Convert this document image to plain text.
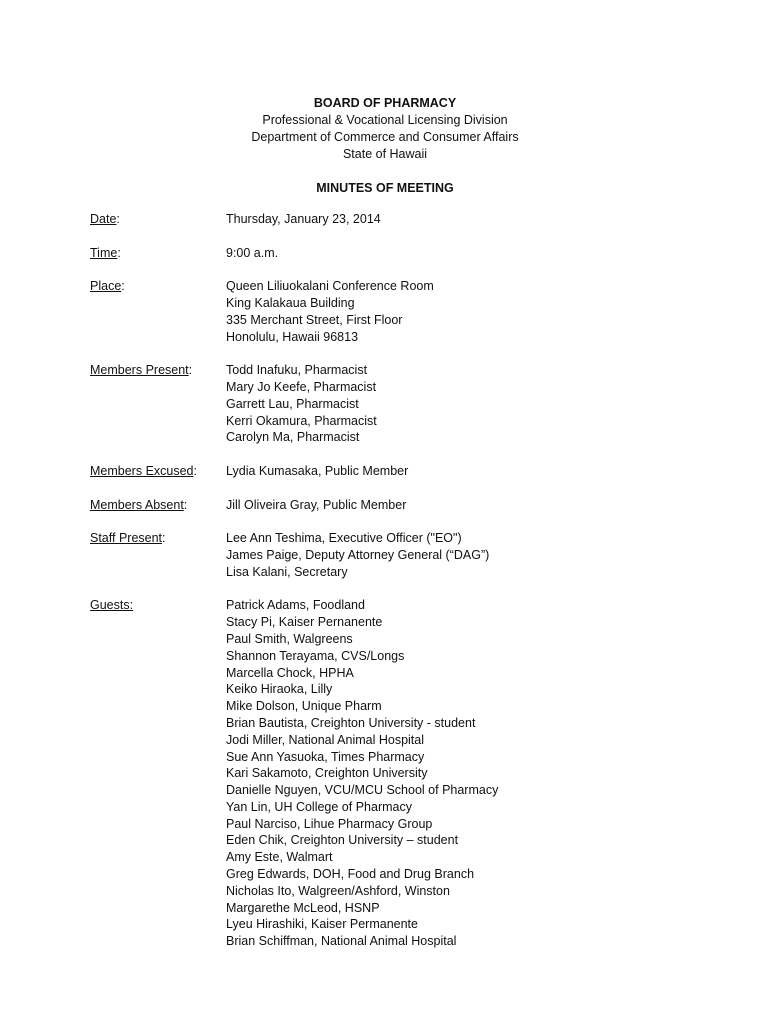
BOARD OF PHARMACY
Professional & Vocational Licensing Division
Department of Commerce and Consumer Affairs
State of Hawaii
MINUTES OF MEETING
Date:	Thursday, January 23, 2014
Time:	9:00 a.m.
Place:	Queen Liliuokalani Conference Room
King Kalakaua Building
335 Merchant Street, First Floor
Honolulu, Hawaii 96813
Members Present:	Todd Inafuku, Pharmacist
Mary Jo Keefe, Pharmacist
Garrett Lau, Pharmacist
Kerri Okamura, Pharmacist
Carolyn Ma, Pharmacist
Members Excused:	Lydia Kumasaka, Public Member
Members Absent:	Jill Oliveira Gray, Public Member
Staff Present:	Lee Ann Teshima, Executive Officer ("EO")
James Paige, Deputy Attorney General (“DAG”)
Lisa Kalani, Secretary
Guests:	Patrick Adams, Foodland
Stacy Pi, Kaiser Pernanente
Paul Smith, Walgreens
Shannon Terayama, CVS/Longs
Marcella Chock, HPHA
Keiko Hiraoka, Lilly
Mike Dolson, Unique Pharm
Brian Bautista, Creighton University - student
Jodi Miller, National Animal Hospital
Sue Ann Yasuoka, Times Pharmacy
Kari Sakamoto, Creighton University
Danielle Nguyen, VCU/MCU School of Pharmacy
Yan Lin, UH College of Pharmacy
Paul Narciso, Lihue Pharmacy Group
Eden Chik, Creighton University – student
Amy Este, Walmart
Greg Edwards, DOH, Food and Drug Branch
Nicholas Ito, Walgreen/Ashford, Winston
Margarethe McLeod, HSNP
Lyeu Hirashiki, Kaiser Permanente
Brian Schiffman, National Animal Hospital
